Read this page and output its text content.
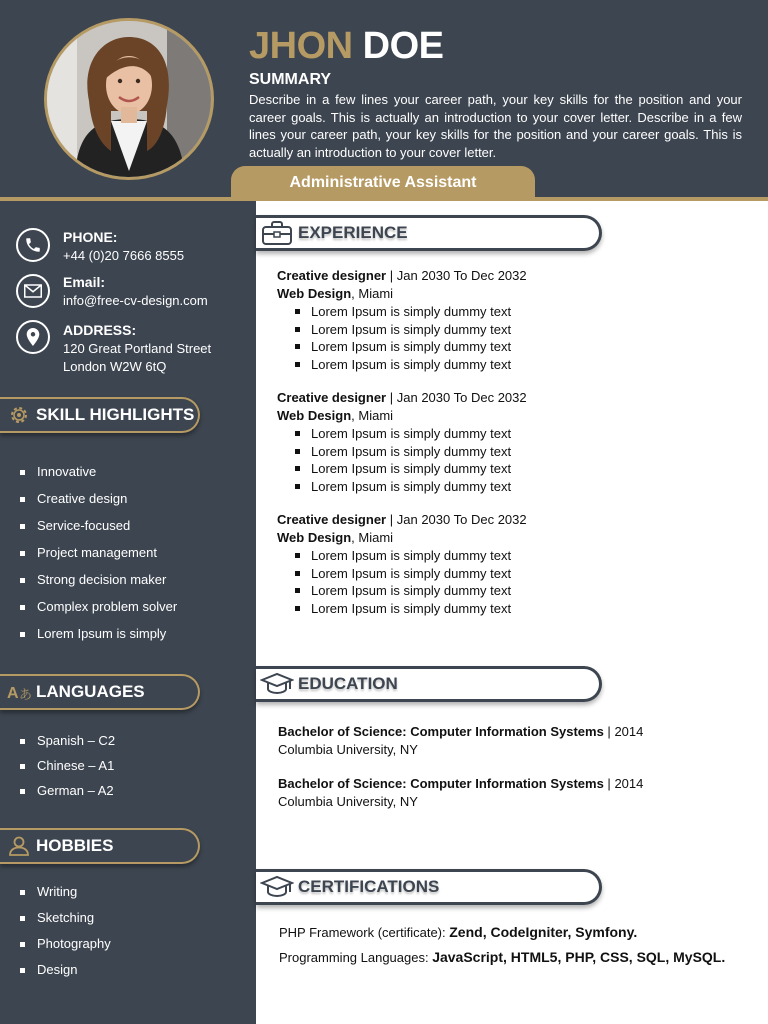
JHON DOE
SUMMARY

Describe in a few lines your career path, your key skills for the position and your career goals. This is actually an introduction to your cover letter. Describe in a few lines your career path, your key skills for the position and your career goals. This is actually an introduction to your cover letter.

Administrative Assistant
PHONE:
+44 (0)20 7666 8555
Email:
info@free-cv-design.com
ADDRESS:
120 Great Portland Street
London W2W 6tQ
SKILL HIGHLIGHTS
Innovative
Creative design
Service-focused
Project management
Strong decision maker
Complex problem solver
Lorem Ipsum is simply
A あ LANGUAGES
Spanish – C2
Chinese – A1
German – A2
HOBBIES
Writing
Sketching
Photography
Design
EXPERIENCE
Creative designer | Jan 2030 To Dec 2032
Web Design, Miami
Lorem Ipsum is simply dummy text
Lorem Ipsum is simply dummy text
Lorem Ipsum is simply dummy text
Lorem Ipsum is simply dummy text
Creative designer | Jan 2030 To Dec 2032
Web Design, Miami
Lorem Ipsum is simply dummy text
Lorem Ipsum is simply dummy text
Lorem Ipsum is simply dummy text
Lorem Ipsum is simply dummy text
Creative designer | Jan 2030 To Dec 2032
Web Design, Miami
Lorem Ipsum is simply dummy text
Lorem Ipsum is simply dummy text
Lorem Ipsum is simply dummy text
Lorem Ipsum is simply dummy text
EDUCATION
Bachelor of Science: Computer Information Systems | 2014
Columbia University, NY
Bachelor of Science: Computer Information Systems | 2014
Columbia University, NY
CERTIFICATIONS
PHP Framework (certificate): Zend, CodeIgniter, Symfony.
Programming Languages: JavaScript, HTML5, PHP, CSS, SQL, MySQL.
